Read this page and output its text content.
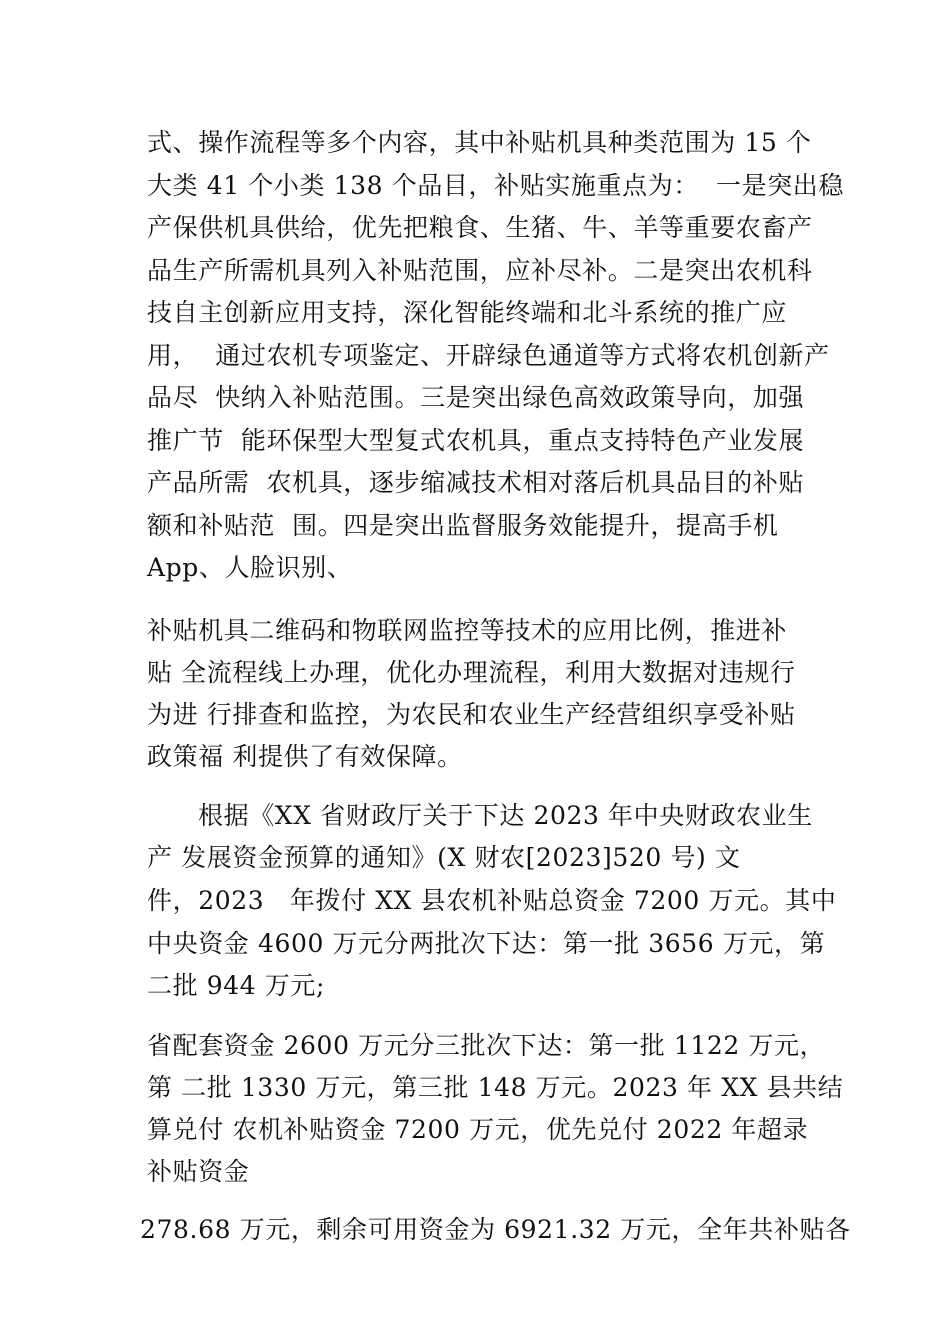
式、操作流程等多个内容，其中补贴机具种类范围为 15 个
大类 41 个小类 138 个品目，补贴实施重点为：  一是突出稳
产保供机具供给，优先把粮食、生猪、牛、羊等重要农畜产
品生产所需机具列入补贴范围，应补尽补。二是突出农机科
技自主创新应用支持，深化智能终端和北斗系统的推广应
用，  通过农机专项鉴定、开辟绿色通道等方式将农机创新产
品尽  快纳入补贴范围。三是突出绿色高效政策导向，加强
推广节  能环保型大型复式农机具，重点支持特色产业发展
产品所需  农机具，逐步缩减技术相对落后机具品目的补贴
额和补贴范  围。四是突出监督服务效能提升，提高手机
App、人脸识别、
补贴机具二维码和物联网监控等技术的应用比例，推进补
贴 全流程线上办理，优化办理流程，利用大数据对违规行
为进 行排查和监控，为农民和农业生产经营组织享受补贴
政策福 利提供了有效保障。
根据《XX 省财政厅关于下达 2023 年中央财政农业生
产 发展资金预算的通知》(X 财农[2023]520 号) 文
件，2023   年拨付 XX 县农机补贴总资金 7200 万元。其中
中央资金 4600 万元分两批次下达：第一批 3656 万元，第
二批 944 万元;
省配套资金 2600 万元分三批次下达：第一批 1122 万元，
第 二批 1330 万元，第三批 148 万元。2023 年 XX 县共结
算兑付 农机补贴资金 7200 万元，优先兑付 2022 年超录
补贴资金
278.68 万元，剩余可用资金为 6921.32 万元，全年共补贴各
